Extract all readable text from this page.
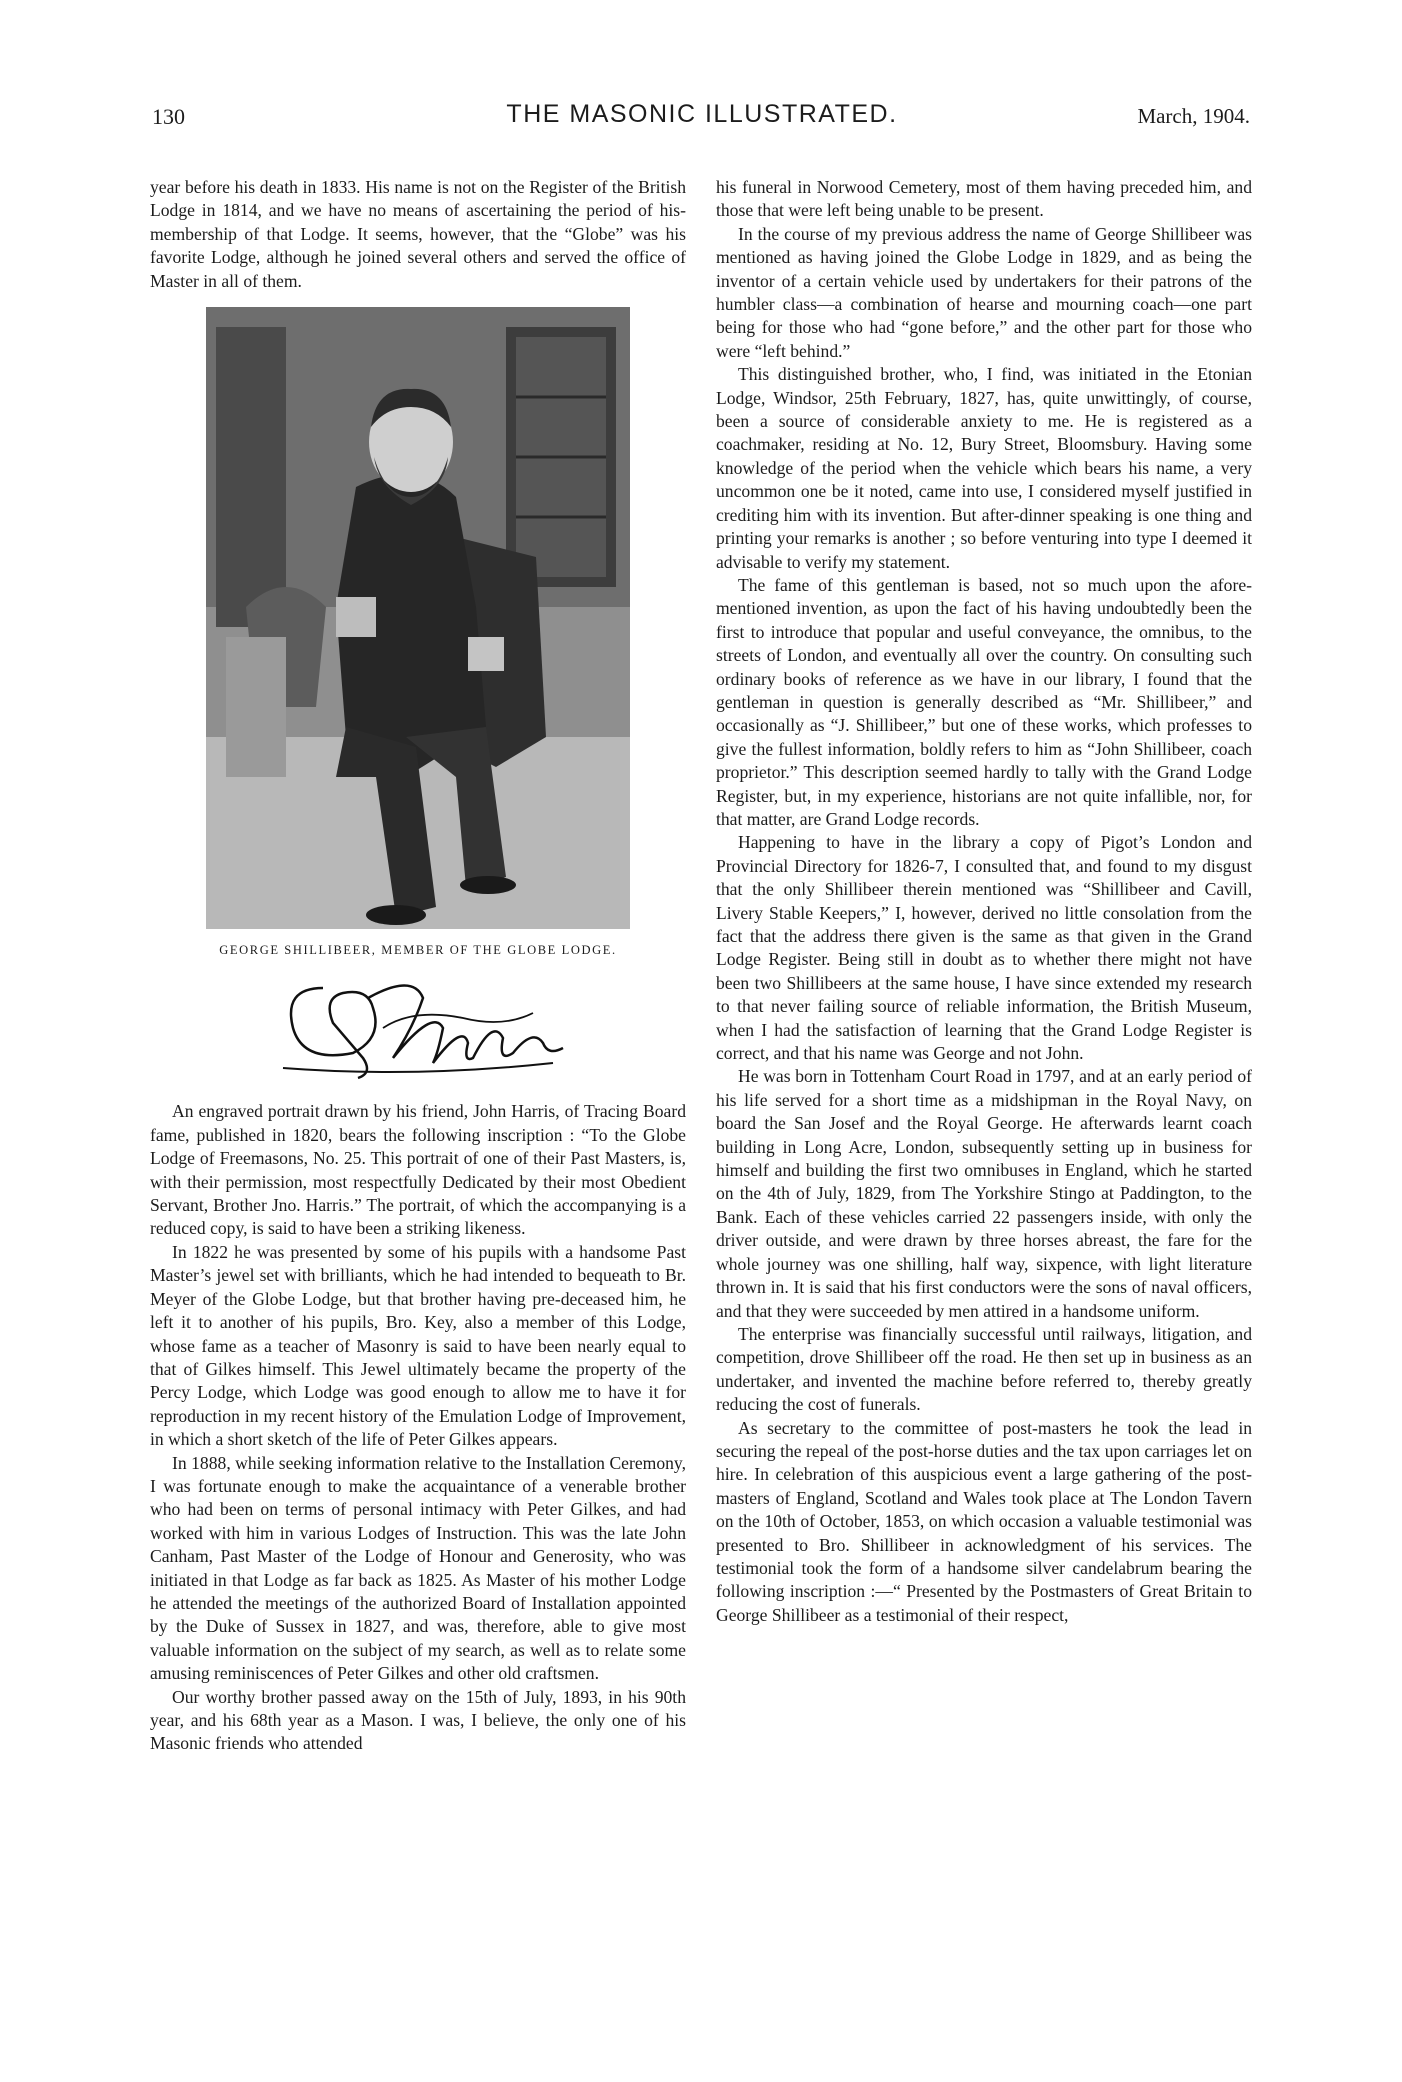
130	THE MASONIC ILLUSTRATED.	March, 1904.

year before his death in 1833. His name is not on the Register of the British Lodge in 1814, and we have no means of ascertaining the period of his-membership of that Lodge. It seems, however, that the “Globe” was his favorite Lodge, although he joined several others and served the office of Master in all of them.

GEORGE SHILLIBEER, MEMBER OF THE GLOBE LODGE.

An engraved portrait drawn by his friend, John Harris, of Tracing Board fame, published in 1820, bears the following inscription : “To the Globe Lodge of Freemasons, No. 25. This portrait of one of their Past Masters, is, with their permission, most respectfully Dedicated by their most Obedient Servant, Brother Jno. Harris.” The portrait, of which the accompanying is a reduced copy, is said to have been a striking likeness.

In 1822 he was presented by some of his pupils with a handsome Past Master’s jewel set with brilliants, which he had intended to bequeath to Br. Meyer of the Globe Lodge, but that brother having pre-deceased him, he left it to another of his pupils, Bro. Key, also a member of this Lodge, whose fame as a teacher of Masonry is said to have been nearly equal to that of Gilkes himself. This Jewel ultimately became the property of the Percy Lodge, which Lodge was good enough to allow me to have it for reproduction in my recent history of the Emulation Lodge of Improvement, in which a short sketch of the life of Peter Gilkes appears.

In 1888, while seeking information relative to the Installation Ceremony, I was fortunate enough to make the acquaintance of a venerable brother who had been on terms of personal intimacy with Peter Gilkes, and had worked with him in various Lodges of Instruction. This was the late John Canham, Past Master of the Lodge of Honour and Generosity, who was initiated in that Lodge as far back as 1825. As Master of his mother Lodge he attended the meetings of the authorized Board of Installation appointed by the Duke of Sussex in 1827, and was, therefore, able to give most valuable information on the subject of my search, as well as to relate some amusing reminiscences of Peter Gilkes and other old craftsmen.

Our worthy brother passed away on the 15th of July, 1893, in his 90th year, and his 68th year as a Mason. I was, I believe, the only one of his Masonic friends who attended

his funeral in Norwood Cemetery, most of them having preceded him, and those that were left being unable to be present.

In the course of my previous address the name of George Shillibeer was mentioned as having joined the Globe Lodge in 1829, and as being the inventor of a certain vehicle used by undertakers for their patrons of the humbler class—a combination of hearse and mourning coach—one part being for those who had “gone before,” and the other part for those who were “left behind.”

This distinguished brother, who, I find, was initiated in the Etonian Lodge, Windsor, 25th February, 1827, has, quite unwittingly, of course, been a source of considerable anxiety to me. He is registered as a coachmaker, residing at No. 12, Bury Street, Bloomsbury. Having some knowledge of the period when the vehicle which bears his name, a very uncommon one be it noted, came into use, I considered myself justified in crediting him with its invention. But after-dinner speaking is one thing and printing your remarks is another ; so before venturing into type I deemed it advisable to verify my statement.

The fame of this gentleman is based, not so much upon the afore-mentioned invention, as upon the fact of his having undoubtedly been the first to introduce that popular and useful conveyance, the omnibus, to the streets of London, and eventually all over the country. On consulting such ordinary books of reference as we have in our library, I found that the gentleman in question is generally described as “Mr. Shillibeer,” and occasionally as “J. Shillibeer,” but one of these works, which professes to give the fullest information, boldly refers to him as “John Shillibeer, coach proprietor.” This description seemed hardly to tally with the Grand Lodge Register, but, in my experience, historians are not quite infallible, nor, for that matter, are Grand Lodge records.

Happening to have in the library a copy of Pigot’s London and Provincial Directory for 1826-7, I consulted that, and found to my disgust that the only Shillibeer therein mentioned was “Shillibeer and Cavill, Livery Stable Keepers,” I, however, derived no little consolation from the fact that the address there given is the same as that given in the Grand Lodge Register. Being still in doubt as to whether there might not have been two Shillibeers at the same house, I have since extended my research to that never failing source of reliable information, the British Museum, when I had the satisfaction of learning that the Grand Lodge Register is correct, and that his name was George and not John.

He was born in Tottenham Court Road in 1797, and at an early period of his life served for a short time as a midshipman in the Royal Navy, on board the San Josef and the Royal George. He afterwards learnt coach building in Long Acre, London, subsequently setting up in business for himself and building the first two omnibuses in England, which he started on the 4th of July, 1829, from The Yorkshire Stingo at Paddington, to the Bank. Each of these vehicles carried 22 passengers inside, with only the driver outside, and were drawn by three horses abreast, the fare for the whole journey was one shilling, half way, sixpence, with light literature thrown in. It is said that his first conductors were the sons of naval officers, and that they were succeeded by men attired in a handsome uniform.

The enterprise was financially successful until railways, litigation, and competition, drove Shillibeer off the road. He then set up in business as an undertaker, and invented the machine before referred to, thereby greatly reducing the cost of funerals.

As secretary to the committee of post-masters he took the lead in securing the repeal of the post-horse duties and the tax upon carriages let on hire. In celebration of this auspicious event a large gathering of the post-masters of England, Scotland and Wales took place at The London Tavern on the 10th of October, 1853, on which occasion a valuable testimonial was presented to Bro. Shillibeer in acknowledgment of his services. The testimonial took the form of a handsome silver candelabrum bearing the following inscription :—“ Presented by the Postmasters of Great Britain to George Shillibeer as a testimonial of their respect,
